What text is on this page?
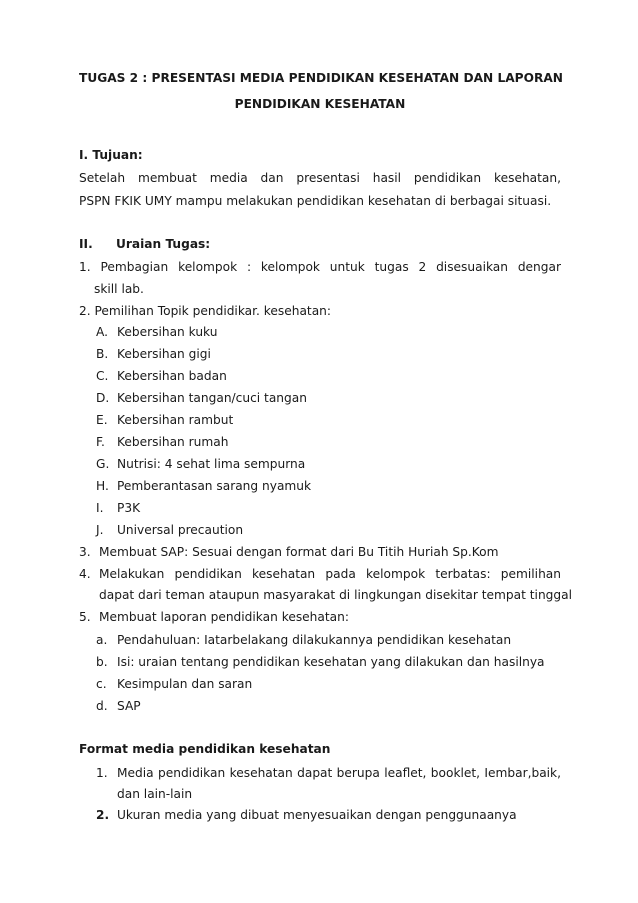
TUGAS 2 : PRESENTASI MEDIA PENDIDIKAN KESEHATAN DAN LAPORAN
PENDIDIKAN KESEHATAN
I. Tujuan:
Setelah membuat media dan presentasi hasil pendidikan kesehatan,
PSPN FKIK UMY mampu melakukan pendidikan kesehatan di berbagai situasi.
II. Uraian Tugas:
1. Pembagian kelompok : kelompok untuk tugas 2 disesuaikan dengar
skill lab.
2. Pemilihan Topik pendidikar. kesehatan:
A. Kebersihan kuku
B. Kebersihan gigi
C. Kebersihan badan
D. Kebersihan tangan/cuci tangan
E. Kebersihan rambut
F. Kebersihan rumah
G. Nutrisi: 4 sehat lima sempurna
H. Pemberantasan sarang nyamuk
I. P3K
J. Universal precaution
3. Membuat SAP: Sesuai dengan format dari Bu Titih Huriah Sp.Kom
4. Melakukan pendidikan kesehatan pada kelompok terbatas: pemilihan
dapat dari teman ataupun masyarakat di lingkungan disekitar tempat tinggal
5. Membuat laporan pendidikan kesehatan:
a. Pendahuluan: Iatarbelakang dilakukannya pendidikan kesehatan
b. Isi: uraian tentang pendidikan kesehatan yang dilakukan dan hasilnya
c. Kesimpulan dan saran
d. SAP
Format media pendidikan kesehatan
1. Media pendidikan kesehatan dapat berupa leaflet, booklet, Iembar,baik,
dan lain-lain
2. Ukuran media yang dibuat menyesuaikan dengan penggunaanya
